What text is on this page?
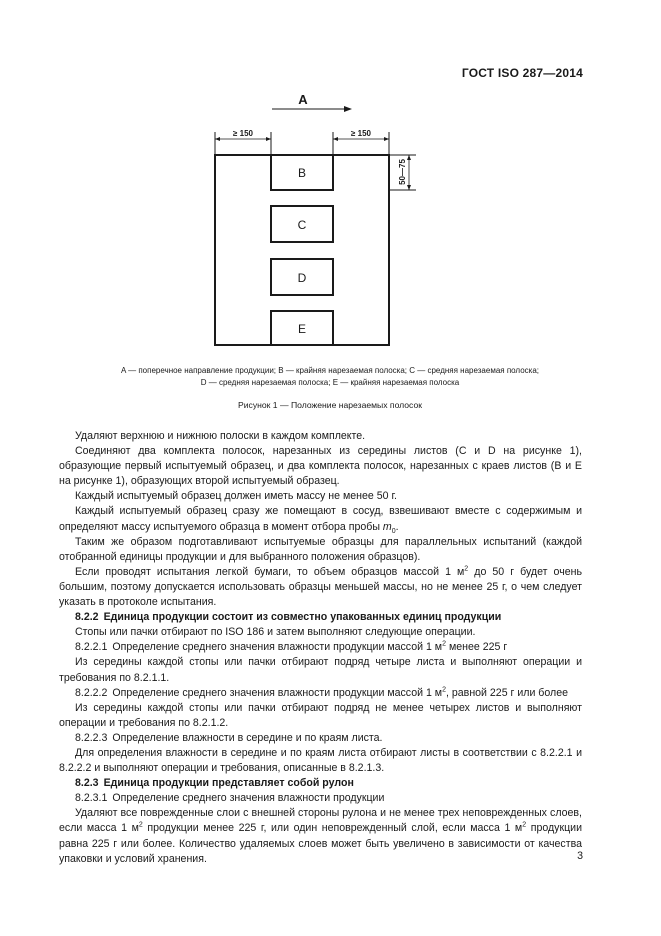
ГОСТ ISO 287—2014
A
≥ 150	≥ 150
50—75
B
C
D
E
A — поперечное направление продукции; B — крайняя нарезаемая полоска; C — средняя нарезаемая полоска;
D — средняя нарезаемая полоска; E — крайняя нарезаемая полоска
Рисунок 1 — Положение нарезаемых полосок

Удаляют верхнюю и нижнюю полоски в каждом комплекте.

Соединяют два комплекта полосок, нарезанных из середины листов (C и D на рисунке 1), образующие первый испытуемый образец, и два комплекта полосок, нарезанных с краев листов (B и E на рисунке 1), образующих второй испытуемый образец.

Каждый испытуемый образец должен иметь массу не менее 50 г.

Каждый испытуемый образец сразу же помещают в сосуд, взвешивают вместе с содержимым и определяют массу испытуемого образца в момент отбора пробы $m_0$.

Таким же образом подготавливают испытуемые образцы для параллельных испытаний (каждой отобранной единицы продукции и для выбранного положения образцов).

Если проводят испытания легкой бумаги, то объем образцов массой 1 $м^2$ до 50 г будет очень большим, поэтому допускается использовать образцы меньшей массы, но не менее 25 г, о чем следует указать в протоколе испытания.

8.2.2 Единица продукции состоит из совместно упакованных единиц продукции

Стопы или пачки отбирают по ISO 186 и затем выполняют следующие операции.

8.2.2.1 Определение среднего значения влажности продукции массой 1 $м^2$ менее 225 г

Из середины каждой стопы или пачки отбирают подряд четыре листа и выполняют операции и требования по 8.2.1.1.

8.2.2.2 Определение среднего значения влажности продукции массой 1 $м^2$, равной 225 г или более

Из середины каждой стопы или пачки отбирают подряд не менее четырех листов и выполняют операции и требования по 8.2.1.2.

8.2.2.3 Определение влажности в середине и по краям листа.

Для определения влажности в середине и по краям листа отбирают листы в соответствии с 8.2.2.1 и 8.2.2.2 и выполняют операции и требования, описанные в 8.2.1.3.

8.2.3 Единица продукции представляет собой рулон

8.2.3.1 Определение среднего значения влажности продукции

Удаляют все поврежденные слои с внешней стороны рулона и не менее трех неповрежденных слоев, если масса 1 $м^2$ продукции менее 225 г, или один неповрежденный слой, если масса 1 $м^2$ продукции равна 225 г или более. Количество удаляемых слоев может быть увеличено в зависимости от качества упаковки и условий хранения.	3
